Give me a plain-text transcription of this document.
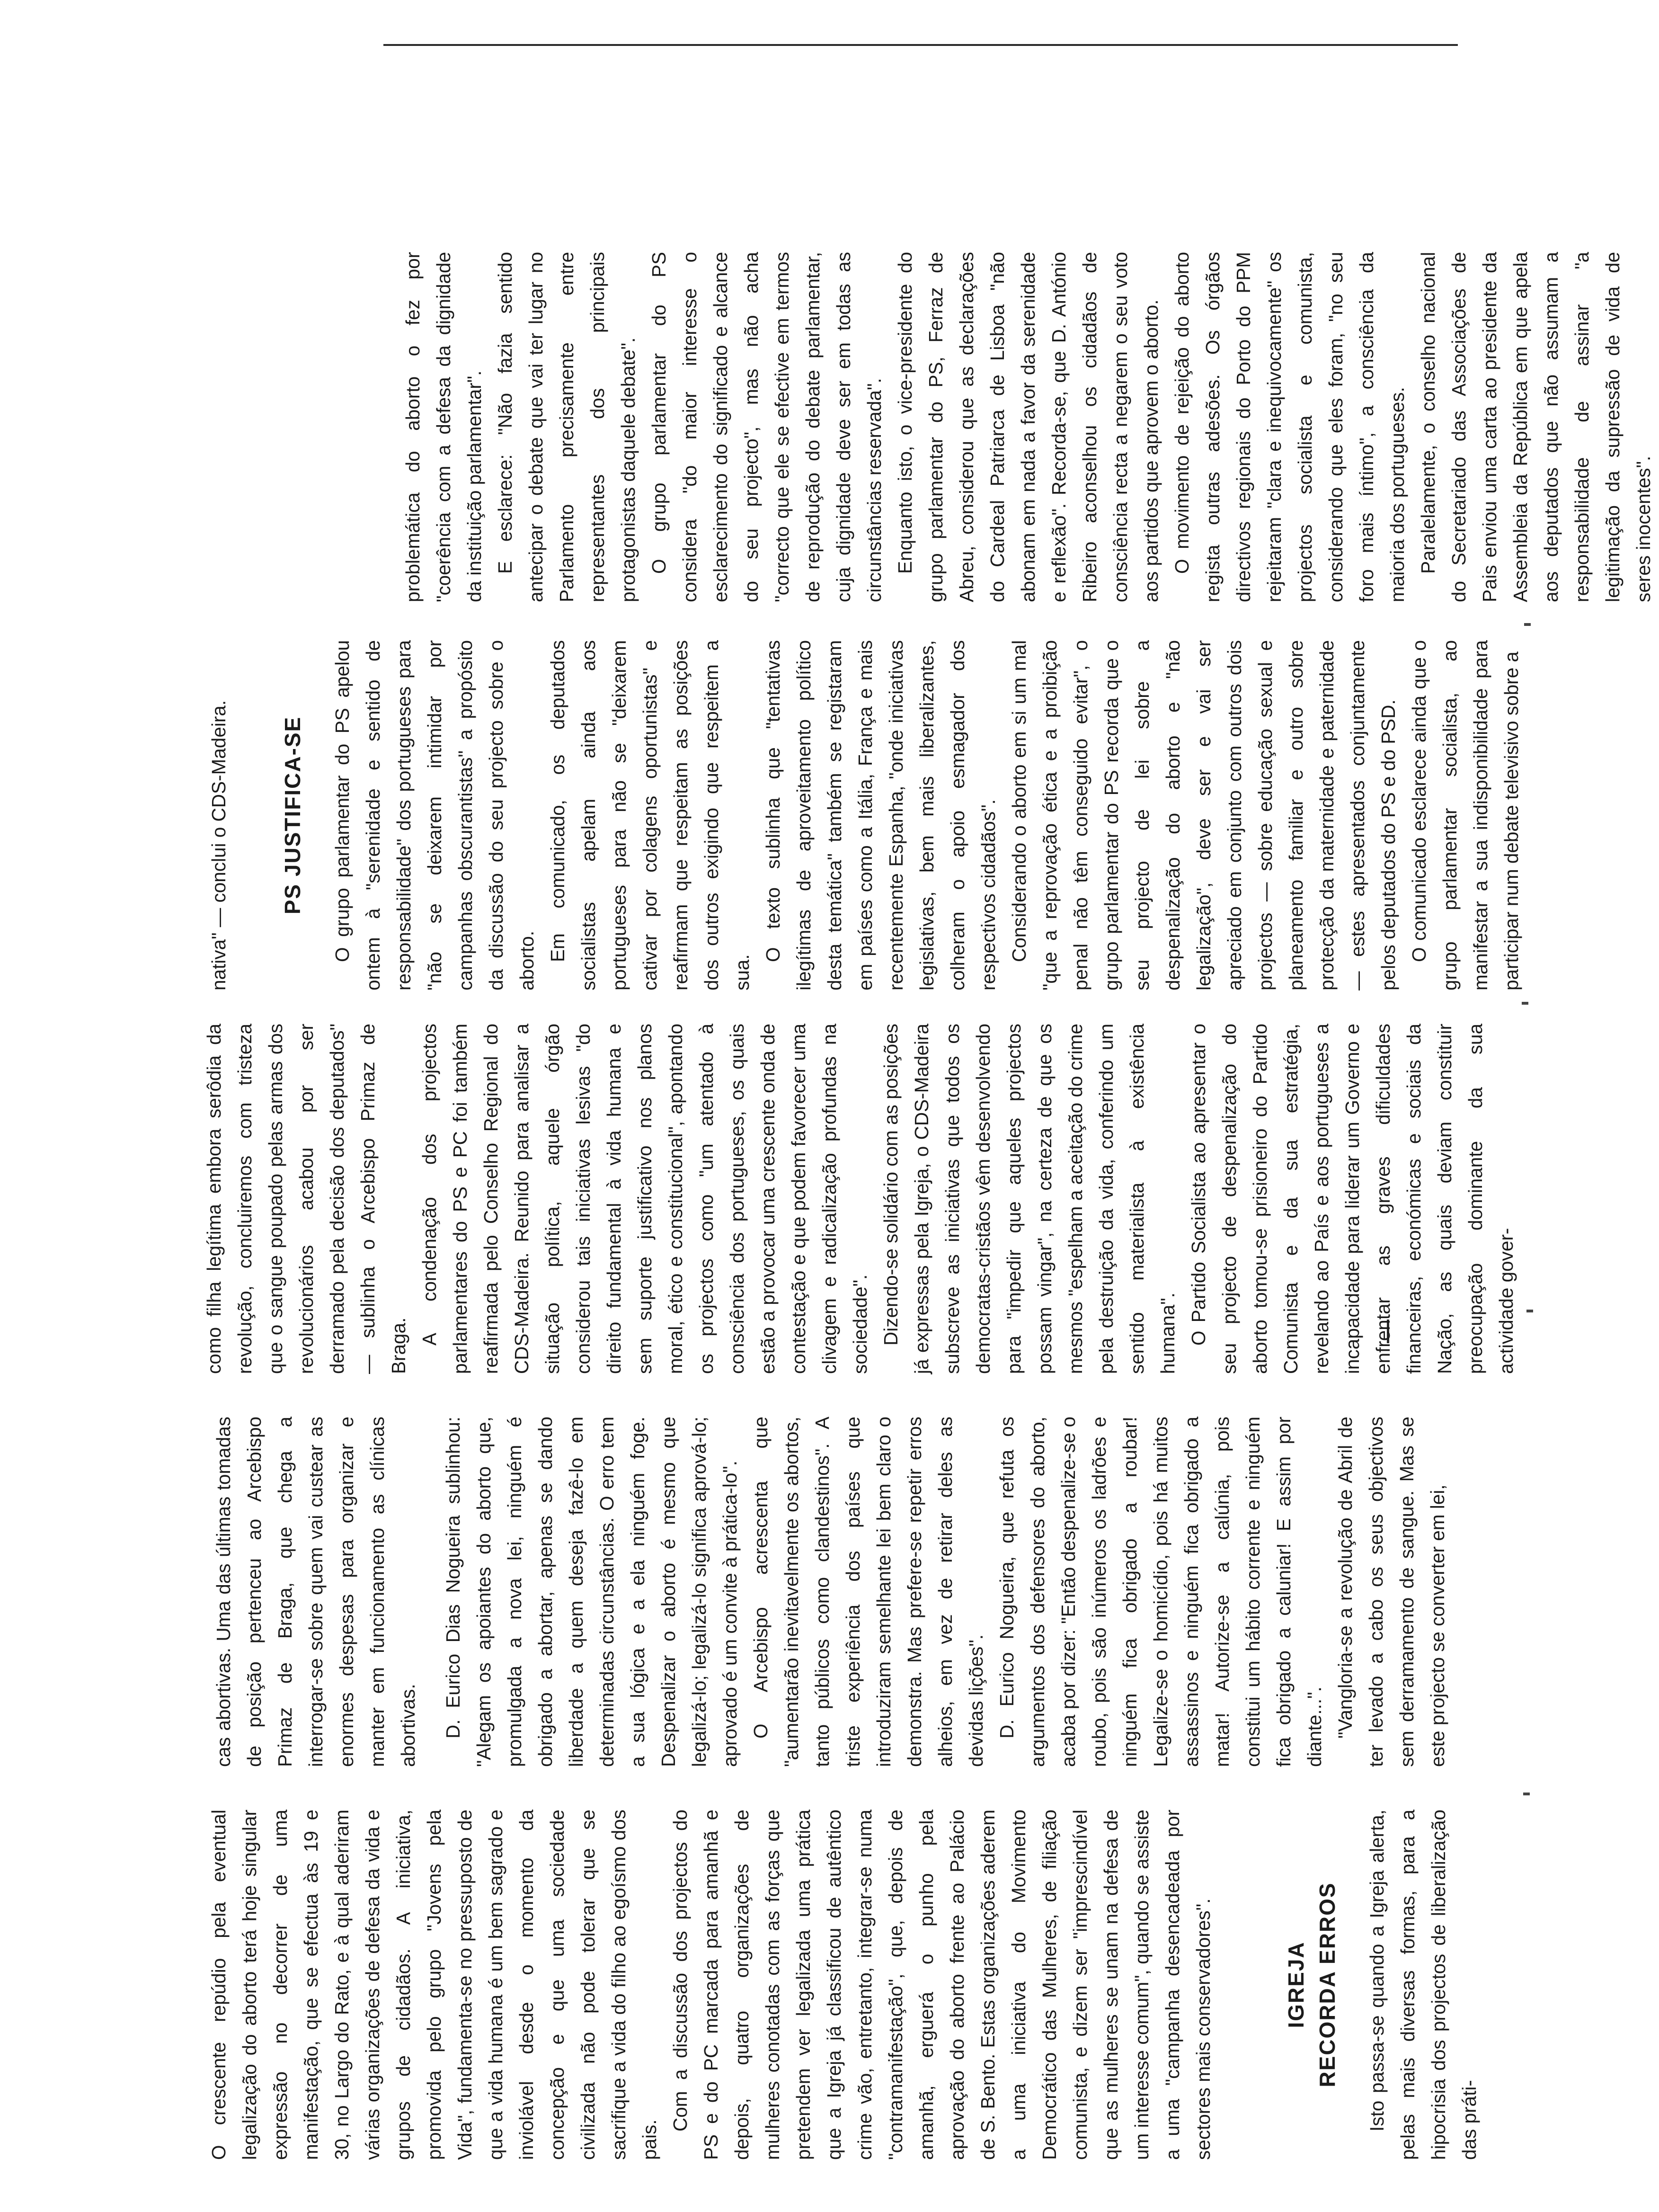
O crescente repúdio pela eventual legalização do aborto terá hoje singular expressão no decorrer de uma manifestação, que se efectua às 19 e 30, no Largo do Rato, e à qual aderiram várias organizações de defesa da vida e grupos de cidadãos. A iniciativa, promovida pelo grupo "Jovens pela Vida", fundamenta-se no pressuposto de que a vida humana é um bem sagrado e inviolável desde o momento da concepção e que uma sociedade civilizada não pode tolerar que se sacrifique a vida do filho ao egoísmo dos pais.

Com a discussão dos projectos do PS e do PC marcada para amanhã e depois, quatro organizações de mulheres conotadas com as forças que pretendem ver legalizada uma prática que a Igreja já classificou de autêntico crime vão, entretanto, integrar-se numa "contramanifestação", que, depois de amanhã, erguerá o punho pela aprovação do aborto frente ao Palácio de S. Bento. Estas organizações aderem a uma iniciativa do Movimento Democrático das Mulheres, de filiação comunista, e dizem ser "imprescindível que as mulheres se unam na defesa de um interesse comum", quando se assiste a uma "campanha desencadeada por sectores mais conservadores".	IGREJA RECORDA ERROS Isto passa-se quando a Igreja alerta, pelas mais diversas formas, para a hipocrisia dos projectos de liberalização das práti-

cas abortivas. Uma das últimas tomadas de posição pertenceu ao Arcebispo Primaz de Braga, que chega a interrogar-se sobre quem vai custear as enormes despesas para organizar e manter em funcionamento as clínicas abortivas. D. Eurico Dias Nogueira sublinhou: "Alegam os apoiantes do aborto que, promulgada a nova lei, ninguém é obrigado a abortar, apenas se dando liberdade a quem deseja fazê-lo em determinadas circunstâncias. O erro tem a sua lógica e a ela ninguém foge. Despenalizar o aborto é mesmo que legalizá-lo; legalizá-lo significa aprová-lo; aprovado é um convite à prática-lo". O Arcebispo acrescenta que "aumentarão inevitavelmente os abortos, tanto públicos como clandestinos". A triste experiência dos países que introduziram semelhante lei bem claro o demonstra. Mas prefere-se repetir erros alheios, em vez de retirar deles as devidas lições". D. Eurico Nogueira, que refuta os argumentos dos defensores do aborto, acaba por dizer: "Então despenalize-se o roubo, pois são inúmeros os ladrões e ninguém fica obrigado a roubar! Legalize-se o homicídio, pois há muitos assassinos e ninguém fica obrigado a matar! Autorize-se a calúnia, pois constitui um hábito corrente e ninguém fica obrigado a caluniar! E assim por diante...". "Vangloria-se a revolução de Abril de ter levado a cabo os seus objectivos sem derramamento de sangue. Mas se este projecto se converter em lei,

como filha legítima embora serôdia da revolução, concluiremos com tristeza que o sangue poupado pelas armas dos revolucionários acabou por ser derramado pela decisão dos deputados" — sublinha o Arcebispo Primaz de Braga.

A condenação dos projectos parlamentares do PS e PC foi também reafirmada pelo Conselho Regional do CDS-Madeira. Reunido para analisar a situação política, aquele órgão considerou tais iniciativas lesivas "do direito fundamental à vida humana e sem suporte justificativo nos planos moral, ético e constitucional", apontando os projectos como "um atentado à consciência dos portugueses, os quais estão a provocar uma crescente onda de contestação e que podem favorecer uma clivagem e radicalização profundas na sociedade". Dizendo-se solidário com as posições já expressas pela Igreja, o CDS-Madeira subscreve as iniciativas que todos os democratas-cristãos vêm desenvolvendo para "impedir que aqueles projectos possam vingar", na certeza de que os mesmos "espelham a aceitação do crime pela destruição da vida, conferindo um sentido materialista à existência humana". O Partido Socialista ao apresentar o seu projecto de despenalização do aborto tomou-se prisioneiro do Partido Comunista e da sua estratégia, revelando ao País e aos portugueses a incapacidade para liderar um Governo e enfrentar as graves dificuldades financeiras, económicas e sociais da Nação, as quais deviam constituir preocupação dominante da sua actividade gover-

nativa" — conclui o CDS-Madeira. PS JUSTIFICA-SE O grupo parlamentar do PS apelou ontem à "serenidade e sentido de responsabilidade" dos portugueses para "não se deixarem intimidar por campanhas obscurantistas" a propósito da discussão do seu projecto sobre o aborto. Em comunicado, os deputados socialistas apelam ainda aos portugueses para não se "deixarem cativar por colagens oportunistas" e reafirmam que respeitam as posições dos outros exigindo que respeitem a sua.

O texto sublinha que "tentativas ilegítimas de aproveitamento político desta temática" também se registaram em países como a Itália, França e mais recentemente Espanha, "onde iniciativas legislativas, bem mais liberalizantes, colheram o apoio esmagador dos respectivos cidadãos". Considerando o aborto em si um mal "que a reprovação ética e a proibição penal não têm conseguido evitar", o grupo parlamentar do PS recorda que o seu projecto de lei sobre a despenalização do aborto e "não legalização", deve ser e vai ser apreciado em conjunto com outros dois projectos — sobre educação sexual e planeamento familiar e outro sobre protecção da maternidade e paternidade — estes apresentados conjuntamente pelos deputados do PS e do PSD. O comunicado esclarece ainda que o grupo parlamentar socialista, ao manifestar a sua indisponibilidade para participar num debate televisivo sobre a

problemática do aborto o fez por "coerência com a defesa da dignidade da instituição parlamentar". E esclarece: "Não fazia sentido antecipar o debate que vai ter lugar no Parlamento precisamente entre representantes dos principais protagonistas daquele debate". O grupo parlamentar do PS considera "do maior interesse o esclarecimento do significado e alcance do seu projecto", mas não acha "correcto que ele se efective em termos de reprodução do debate parlamentar, cuja dignidade deve ser em todas as circunstâncias reservada". Enquanto isto, o vice-presidente do grupo parlamentar do PS, Ferraz de Abreu, considerou que as declarações do Cardeal Patriarca de Lisboa "não abonam em nada a favor da serenidade e reflexão". Recorda-se, que D. António Ribeiro aconselhou os cidadãos de consciência recta a negarem o seu voto aos partidos que aprovem o aborto. O movimento de rejeição do aborto regista outras adesões. Os órgãos directivos regionais do Porto do PPM rejeitaram "clara e inequivocamente" os projectos socialista e comunista, considerando que eles foram, "no seu foro mais íntimo", a consciência da maioria dos portugueses. Paralelamente, o conselho nacional do Secretariado das Associações de Pais enviou uma carta ao presidente da Assembleia da República em que apela aos deputados que não assumam a responsabilidade de assinar "a legitimação da supressão de vida de seres inocentes".
